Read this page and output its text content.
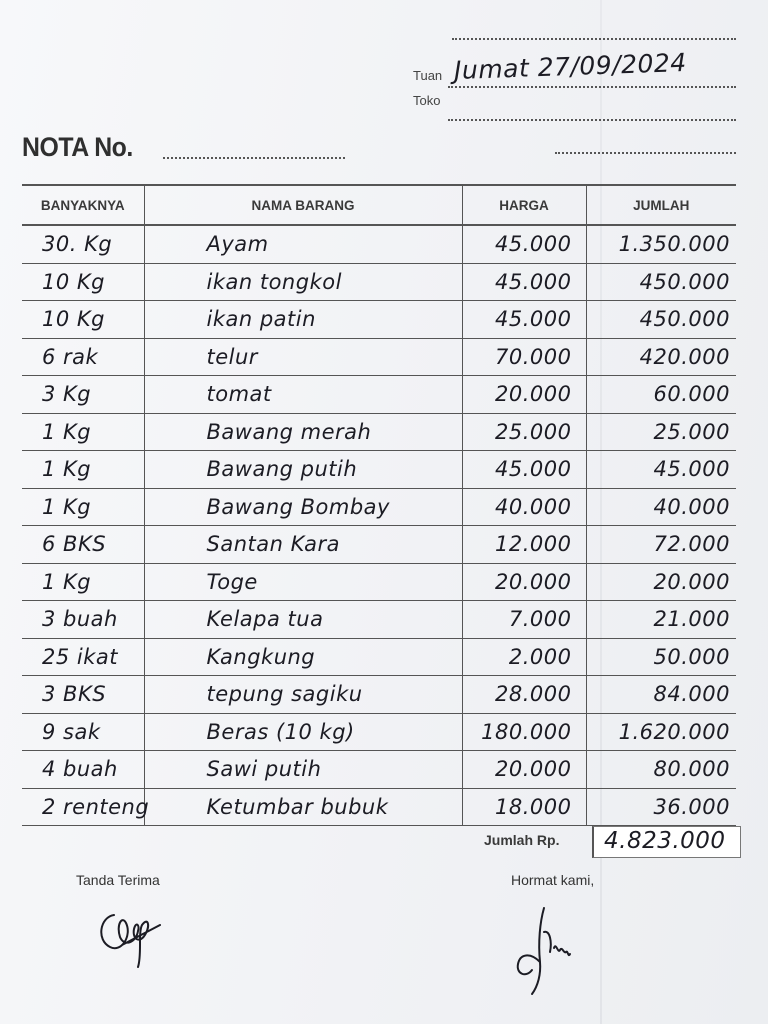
Tuan Jumat 27/09/2024
Toko
NOTA No.
BANYAKNYA	NAMA BARANG	HARGA	JUMLAH
30. Kg	Ayam	45.000	1.350.000
10 Kg	ikan tongkol	45.000	450.000
10 Kg	ikan patin	45.000	450.000
6 rak	telur	70.000	420.000
3 Kg	tomat	20.000	60.000
1 Kg	Bawang merah	25.000	25.000
1 Kg	Bawang putih	45.000	45.000
1 Kg	Bawang Bombay	40.000	40.000
6 BKS	Santan Kara	12.000	72.000
1 Kg	Toge	20.000	20.000
3 buah	Kelapa tua	7.000	21.000
25 ikat	Kangkung	2.000	50.000
3 BKS	tepung sagiku	28.000	84.000
9 sak	Beras (10 kg)	180.000	1.620.000
4 buah	Sawi putih	20.000	80.000
2 renteng	Ketumbar bubuk	18.000	36.000
Jumlah Rp. 4.823.000
Tanda Terima	Hormat kami,
